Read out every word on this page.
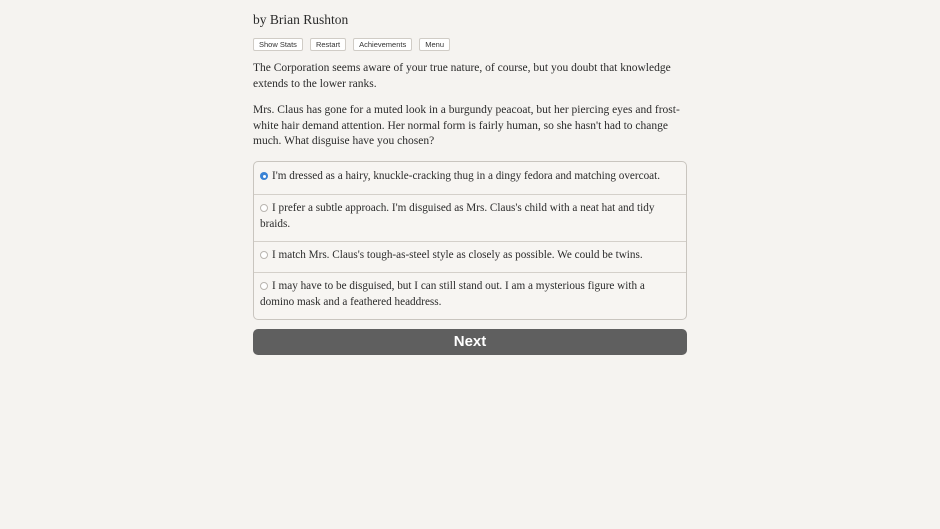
by Brian Rushton
Show Stats	Restart	Achievements	Menu

The Corporation seems aware of your true nature, of course, but you doubt that knowledge extends to the lower ranks.

Mrs. Claus has gone for a muted look in a burgundy peacoat, but her piercing eyes and frost-white hair demand attention. Her normal form is fairly human, so she hasn't had to change much. What disguise have you chosen?

I'm dressed as a hairy, knuckle-cracking thug in a dingy fedora and matching overcoat.
I prefer a subtle approach. I'm disguised as Mrs. Claus's child with a neat hat and tidy braids.
I match Mrs. Claus's tough-as-steel style as closely as possible. We could be twins.
I may have to be disguised, but I can still stand out. I am a mysterious figure with a domino mask and a feathered headdress.
Next
